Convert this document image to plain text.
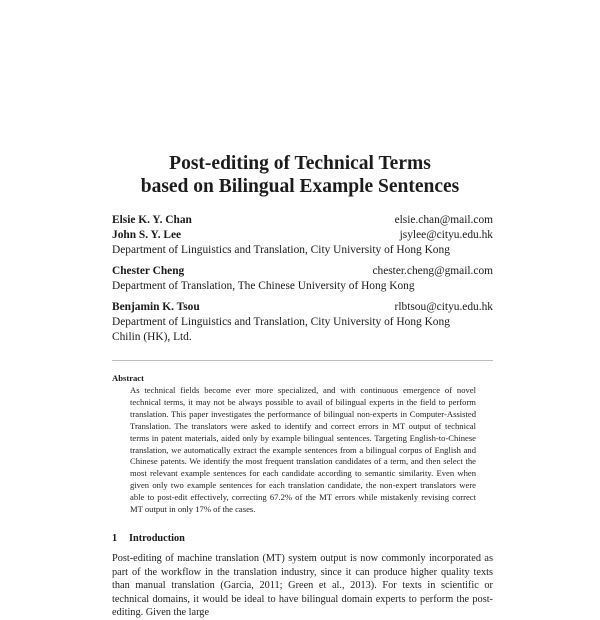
Post-editing of Technical Terms
based on Bilingual Example Sentences
Elsie K. Y. Chan	elsie.chan@mail.com
John S. Y. Lee	jsylee@cityu.edu.hk
Department of Linguistics and Translation, City University of Hong Kong
Chester Cheng	chester.cheng@gmail.com
Department of Translation, The Chinese University of Hong Kong
Benjamin K. Tsou	rlbtsou@cityu.edu.hk
Department of Linguistics and Translation, City University of Hong Kong
Chilin (HK), Ltd.
Abstract
As technical fields become ever more specialized, and with continuous emergence of novel technical terms, it may not be always possible to avail of bilingual experts in the field to perform translation. This paper investigates the performance of bilingual non-experts in Computer-Assisted Translation. The translators were asked to identify and correct errors in MT output of technical terms in patent materials, aided only by example bilingual sentences. Targeting English-to-Chinese translation, we automatically extract the example sentences from a bilingual corpus of English and Chinese patents. We identify the most frequent translation candidates of a term, and then select the most relevant example sentences for each candidate according to semantic similarity. Even when given only two example sentences for each translation candidate, the non-expert translators were able to post-edit effectively, correcting 67.2% of the MT errors while mistakenly revising correct MT output in only 17% of the cases.
1 Introduction
Post-editing of machine translation (MT) system output is now commonly incorporated as part of the workflow in the translation industry, since it can produce higher quality texts than manual translation (Garcia, 2011; Green et al., 2013). For texts in scientific or technical domains, it would be ideal to have bilingual domain experts to perform the post-editing. Given the large
